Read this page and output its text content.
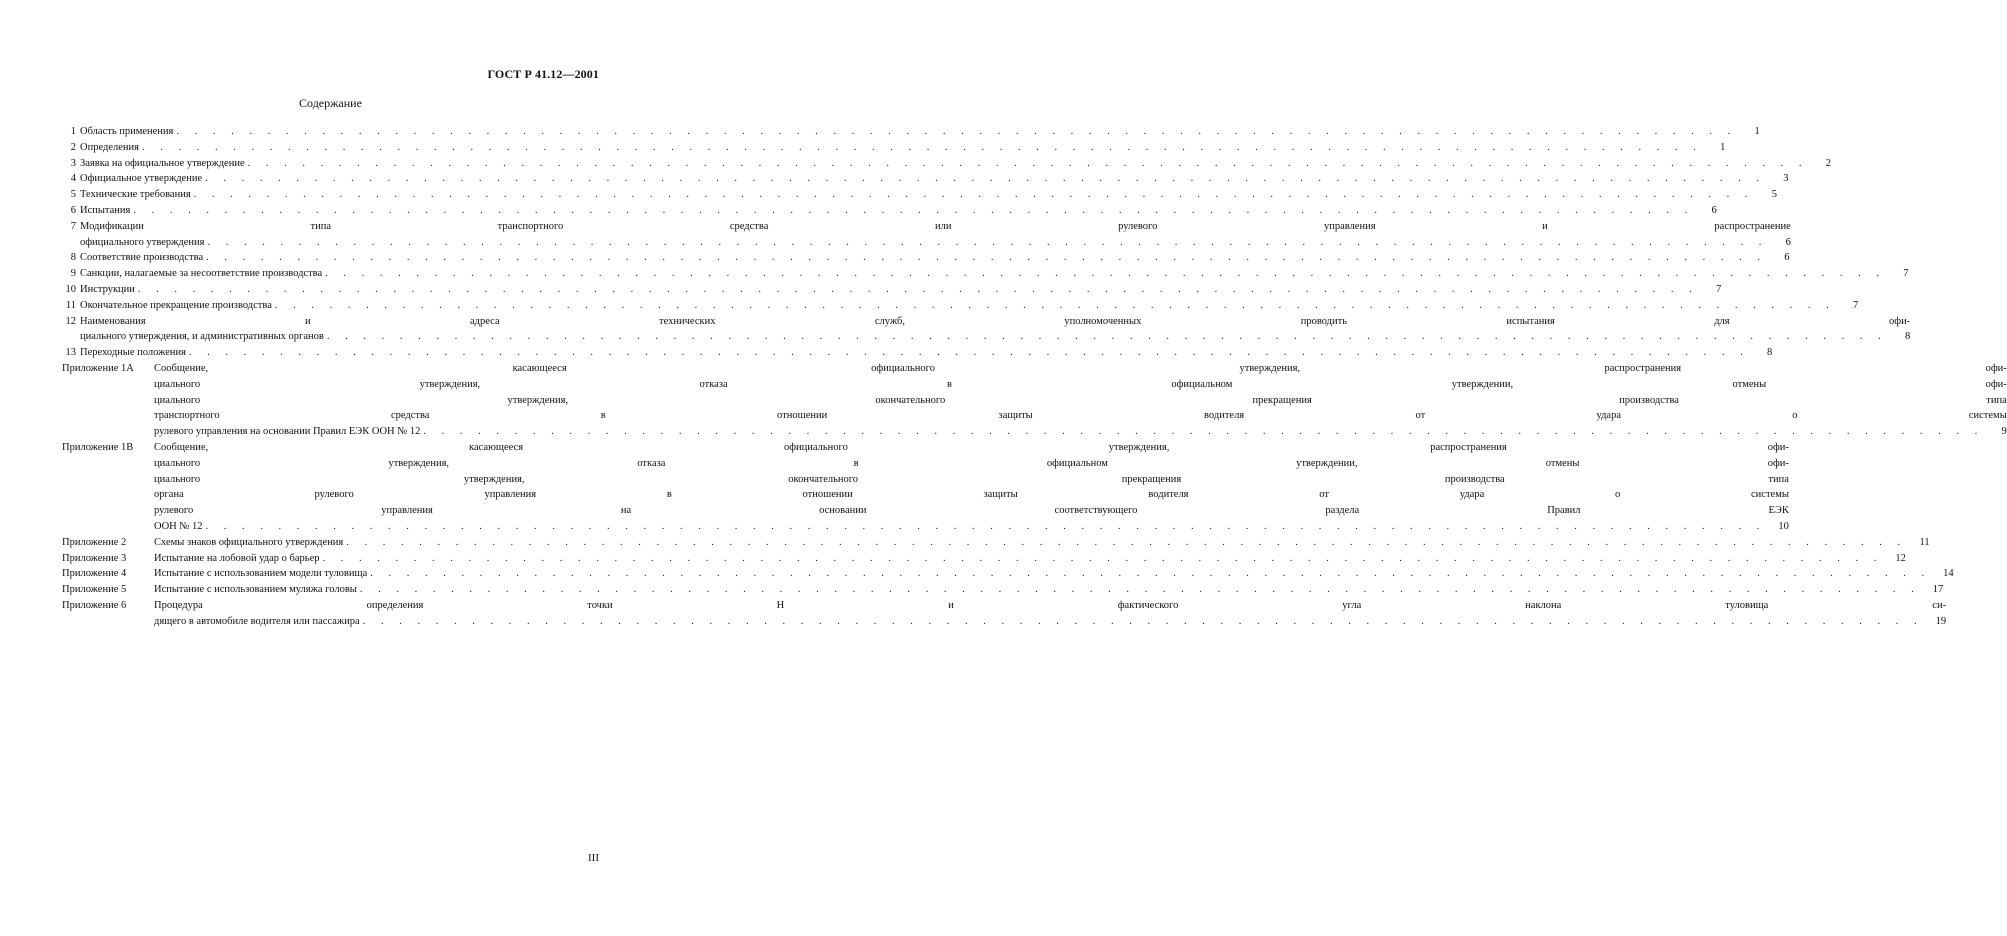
ГОСТ Р 41.12—2001
Содержание
1 Область применения . . .	1
2 Определения . . .	1
3 Заявка на официальное утверждение . . .	2
4 Официальное утверждение . . .	3
5 Технические требования . . .	5
6 Испытания . . .	6
7 Модификации типа транспортного средства или рулевого управления и распространение
официального утверждения . . .	6
8 Соответствие производства . . .	6
9 Санкции, налагаемые за несоответствие производства . . .	7
10 Инструкции . . .	7
11 Окончательное прекращение производства . . .	7
12 Наименования и адреса технических служб, уполномоченных проводить испытания для офи-
циального утверждения, и административных органов . . .	8
13 Переходные положения . . .	8
Приложение 1А	Сообщение, касающееся официального утверждения, распространения офи-
циального утверждения, отказа в официальном утверждении, отмены офи-
циального утверждения, окончательного прекращения производства типа
транспортного средства в отношении защиты водителя от удара о системы
рулевого управления на основании Правил ЕЭК ООН № 12 . . .	9
Приложение 1В	Сообщение, касающееся официального утверждения, распространения офи-
циального утверждения, отказа в официальном утверждении, отмены офи-
циального утверждения, окончательного прекращения производства типа
органа рулевого управления в отношении защиты водителя от удара о системы
рулевого управления на основании соответствующего раздела Правил ЕЭК
ООН № 12 . . .	10
Приложение 2	Схемы знаков официального утверждения . . .	11
Приложение 3	Испытание на лобовой удар о барьер . . .	12
Приложение 4	Испытание с использованием модели туловища . . .	14
Приложение 5	Испытание с использованием муляжа головы . . .	17
Приложение 6	Процедура определения точки Н и фактического угла наклона туловища си-
дящего в автомобиле водителя или пассажира . . .	19
III
